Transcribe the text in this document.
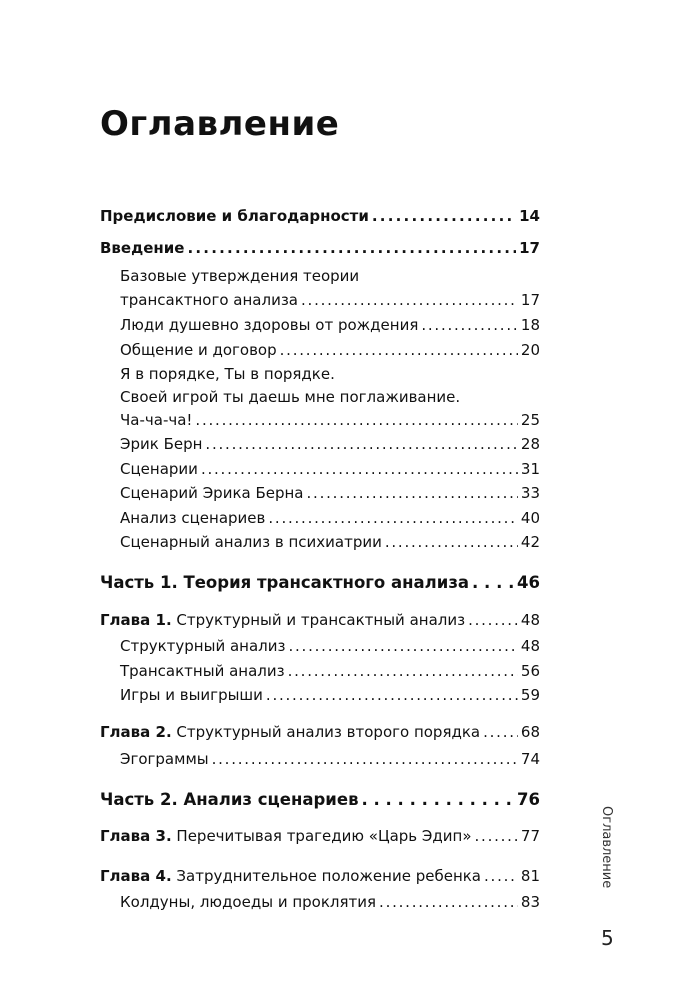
Оглавление
Предисловие и благодарности . . .	14
Введение . . .	17
Базовые утверждения теории
трансактного анализа . . .	17
Люди душевно здоровы от рождения . . .	18
Общение и договор . . .	20
Я в порядке, Ты в порядке.
Своей игрой ты даешь мне поглаживание.
Ча-ча-ча! . . .	25
Эрик Берн . . .	28
Сценарии . . .	31
Сценарий Эрика Берна . . .	33
Анализ сценариев . . .	40
Сценарный анализ в психиатрии . . .	42
Часть 1. Теория трансактного анализа . . .	46
Глава 1. Структурный и трансактный анализ . . .	48
Структурный анализ . . .	48
Трансактный анализ . . .	56
Игры и выигрыши . . .	59
Глава 2. Структурный анализ второго порядка . . .	68
Эгограммы . . .	74
Часть 2. Анализ сценариев . . .	76
Глава 3. Перечитывая трагедию «Царь Эдип» . . .	77
Глава 4. Затруднительное положение ребенка . . .	81
Колдуны, людоеды и проклятия . . .	83
Оглавление
5
